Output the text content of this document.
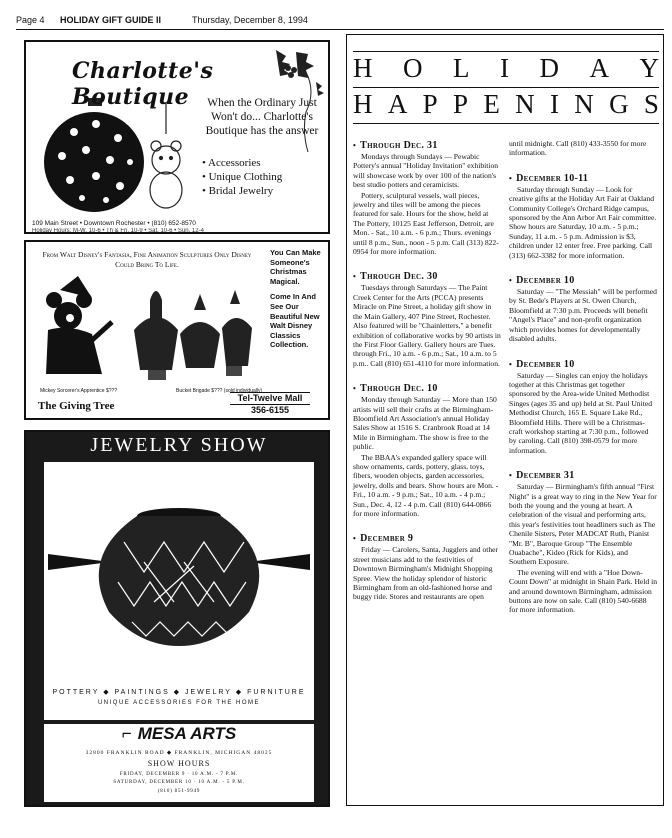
Page 4 HOLIDAY GIFT GUIDE II	Thursday, December 8, 1994
Charlotte's Boutique	When the Ordinary Just Won't do... Charlotte's Boutique has the answer
• Accessories
• Unique Clothing
• Bridal Jewelry
109 Main Street • Downtown Rochester • (810) 652-8570
Holiday Hours: M-W, 10-6 • Th & Fri, 10-9 • Sat, 10-6 • Sun, 12-4
From Walt Disney's Fantasia, Fine Animation Sculptures Only Disney Could Bring To Life.
You Can Make Someone's Christmas Magical.
Come In And See Our Beautiful New Walt Disney Classics Collection.
Mickey Sorcerer's Apprentice $???	Bucket Brigade $??? (sold individually)
The Giving Tree
Tel-Twelve Mall
356-6155
JEWELRY SHOW
POTTERY ◆ PAINTINGS ◆ JEWELRY ◆ FURNITURE
UNIQUE ACCESSORIES FOR THE HOME
⌐ MESA ARTS
32800 FRANKLIN ROAD ◆ FRANKLIN, MICHIGAN 48025
SHOW HOURS
FRIDAY, DECEMBER 9 · 10 A.M. - 7 P.M.
SATURDAY, DECEMBER 10 · 10 A.M. - 5 P.M.
(810) 851-9949
H O L I D A Y
H A P P E N I N G S
• Through Dec. 31

Mondays through Sundays — Pewabic Pottery's annual "Holiday Invitation" exhibition will showcase work by over 100 of the nation's best studio potters and ceramicists.

Pottery, sculptural vessels, wall pieces, jewelry and tiles will be among the pieces featured for sale. Hours for the show, held at The Pottery, 10125 East Jefferson, Detroit, are Mon. - Sat., 10 a.m. - 6 p.m.; Thurs. evenings until 8 p.m., Sun., noon - 5 p.m. Call (313) 822-0954 for more information.

• Through Dec. 30

Tuesdays through Saturdays — The Paint Creek Center for the Arts (PCCA) presents Miracle on Pine Street, a holiday gift show in the Main Gallery, 407 Pine Street, Rochester. Also featured will be "Chainletters," a benefit exhibition of collaborative works by 90 artists in the First Floor Gallery. Gallery hours are Tues. through Fri., 10 a.m. - 6 p.m.; Sat., 10 a.m. to 5 p.m.. Call (810) 651-4110 for more information.

• Through Dec. 10

Monday through Saturday — More than 150 artists will sell their crafts at the Birmingham-Bloomfield Art Association's annual Holiday Sales Show at 1516 S. Cranbrook Road at 14 Mile in Birmingham. The show is free to the public.

The BBAA's expanded gallery space will show ornaments, cards, pottery, glass, toys, fibers, wooden objects, garden accessories, jewelry, dolls and bears. Show hours are Mon. - Fri., 10 a.m. - 9 p.m.; Sat., 10 a.m. - 4 p.m.; Sun., Dec. 4, 12 - 4 p.m. Call (810) 644-0866 for more information.

• December 9

Friday — Carolers, Santa, Jugglers and other street musicians add to the festivities of Downtown Birmingham's Midnight Shopping Spree. View the holiday splendor of historic Birmingham from an old-fashioned horse and buggy ride. Stores and restaurants are open

until midnight. Call (810) 433-3550 for more information.

• December 10-11

Saturday through Sunday — Look for creative gifts at the Holiday Art Fair at Oakland Community College's Orchard Ridge campus, sponsored by the Ann Arbor Art Fair committee. Show hours are Saturday, 10 a.m. - 5 p.m.; Sunday, 11 a.m. - 5 p.m. Admission is $3, children under 12 enter free. Free parking. Call (313) 662-3382 for more information.

• December 10

Saturday — "The Messiah" will be performed by St. Bede's Players at St. Owen Church, Bloomfield at 7:30 p.m. Proceeds will benefit "Angel's Place" and non-profit organization which provides homes for developmentally disabled adults.

• December 10

Saturday — Singles can enjoy the holidays together at this Christmas get together sponsored by the Area-wide United Methodist Singes (ages 35 and up) held at St. Paul United Methodist Church, 165 E. Square Lake Rd., Bloomfield Hills. There will be a Christmas-craft workshop starting at 7:30 p.m., followed by caroling. Call (810) 398-0579 for more information.

• December 31

Saturday — Birmingham's fifth annual "First Night" is a great way to ring in the New Year for both the young and the young at heart. A celebration of the visual and performing arts, this year's festivities tout headliners such as The Chenile Sisters, Peter MADCAT Ruth, Pianist "Mr. B", Baroque Group "The Ensemble Ouabache", Kideo (Rick for Kids), and Southern Exposure.

The evening will end with a "Hoe Down-Count Down" at midnight in Shain Park. Held in and around downtown Birmingham, admission buttons are now on sale. Call (810) 540-6688 for more information.
